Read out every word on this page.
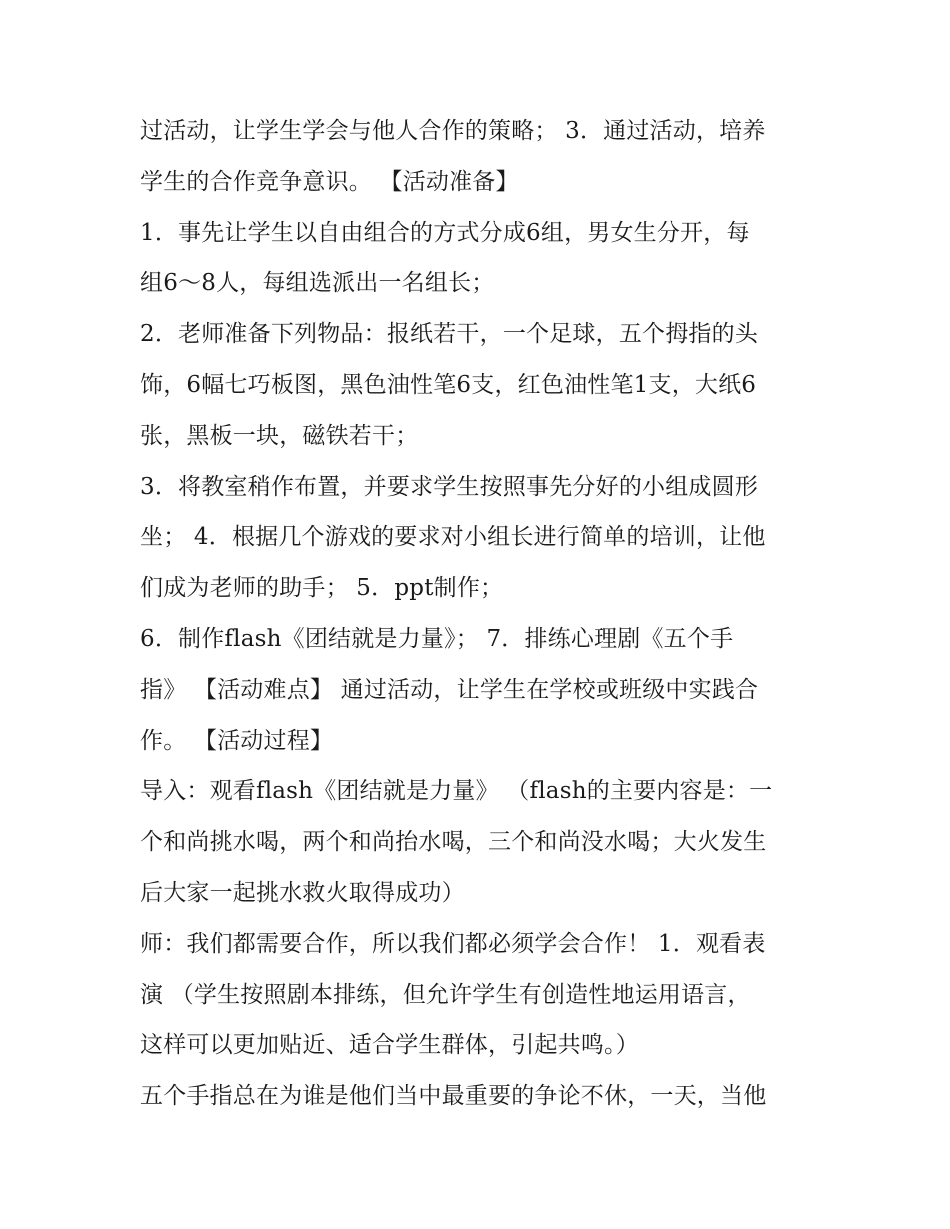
过活动，让学生学会与他人合作的策略； 3．通过活动，培养
学生的合作竞争意识。 【活动准备】
1．事先让学生以自由组合的方式分成6组，男女生分开，每
组6～8人，每组选派出一名组长；
2．老师准备下列物品：报纸若干，一个足球，五个拇指的头
饰，6幅七巧板图，黑色油性笔6支，红色油性笔1支，大纸6
张，黑板一块，磁铁若干；
3．将教室稍作布置，并要求学生按照事先分好的小组成圆形
坐； 4．根据几个游戏的要求对小组长进行简单的培训，让他
们成为老师的助手； 5．ppt制作；
6．制作flash《团结就是力量》； 7．排练心理剧《五个手
指》 【活动难点】 通过活动，让学生在学校或班级中实践合
作。 【活动过程】
导入：观看flash《团结就是力量》 （flash的主要内容是：一
个和尚挑水喝，两个和尚抬水喝，三个和尚没水喝；大火发生
后大家一起挑水救火取得成功）
师：我们都需要合作，所以我们都必须学会合作！ 1．观看表
演 （学生按照剧本排练，但允许学生有创造性地运用语言，
这样可以更加贴近、适合学生群体，引起共鸣。）
五个手指总在为谁是他们当中最重要的争论不休，一天，当他
